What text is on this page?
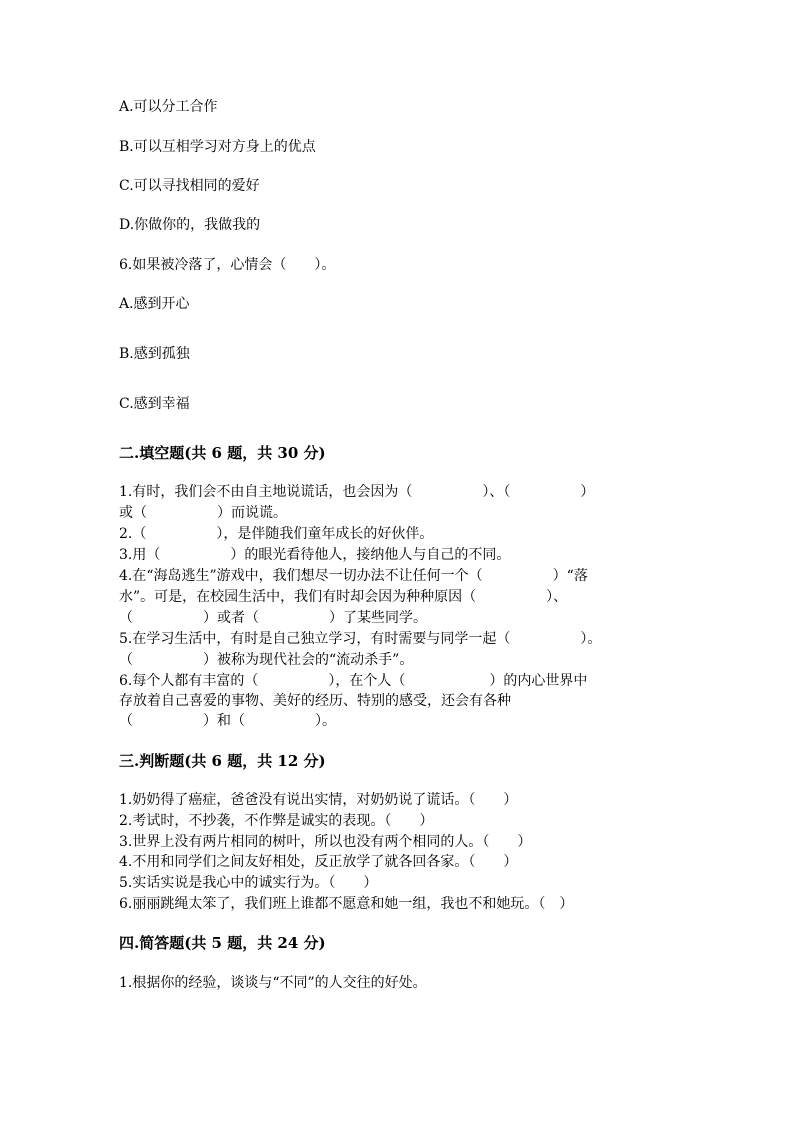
A.可以分工合作
B.可以互相学习对方身上的优点
C.可以寻找相同的爱好
D.你做你的，我做我的
6.如果被冷落了，心情会（　　）。
A.感到开心
B.感到孤独
C.感到幸福
二.填空题(共 6 题，共 30 分)
1.有时，我们会不由自主地说谎话，也会因为（　　　　　）、（　　　　　）
或（　　　　　）而说谎。
2.（　　　　　），是伴随我们童年成长的好伙伴。
3.用（　　　　　）的眼光看待他人，接纳他人与自己的不同。
4.在“海岛逃生”游戏中，我们想尽一切办法不让任何一个（　　　　　）“落
水”。可是，在校园生活中，我们有时却会因为种种原因（　　　　　）、
（　　　　　）或者（　　　　　）了某些同学。
5.在学习生活中，有时是自己独立学习，有时需要与同学一起（　　　　　）。
（　　　　　）被称为现代社会的“流动杀手”。
6.每个人都有丰富的（　　　　　），在个人（　　　　　　）的内心世界中
存放着自己喜爱的事物、美好的经历、特别的感受，还会有各种
（　　　　　）和（　　　　　）。
三.判断题(共 6 题，共 12 分)
1.奶奶得了癌症，爸爸没有说出实情，对奶奶说了谎话。（　　）
2.考试时，不抄袭，不作弊是诚实的表现。（　　）
3.世界上没有两片相同的树叶，所以也没有两个相同的人。（　　）
4.不用和同学们之间友好相处，反正放学了就各回各家。（　　）
5.实话实说是我心中的诚实行为。（　　）
6.丽丽跳绳太笨了，我们班上谁都不愿意和她一组，我也不和她玩。（　）
四.简答题(共 5 题，共 24 分)
1.根据你的经验，谈谈与“不同”的人交往的好处。
